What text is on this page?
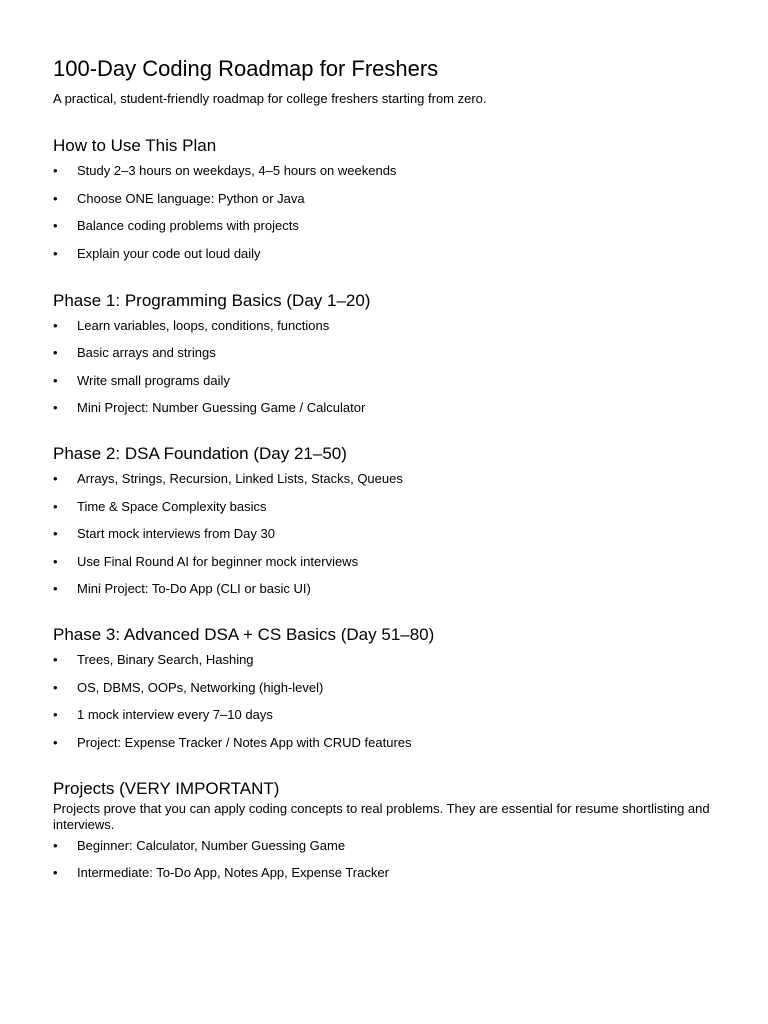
100-Day Coding Roadmap for Freshers

A practical, student-friendly roadmap for college freshers starting from zero.

How to Use This Plan
• Study 2–3 hours on weekdays, 4–5 hours on weekends
• Choose ONE language: Python or Java
• Balance coding problems with projects
• Explain your code out loud daily
Phase 1: Programming Basics (Day 1–20)
• Learn variables, loops, conditions, functions
• Basic arrays and strings
• Write small programs daily
• Mini Project: Number Guessing Game / Calculator
Phase 2: DSA Foundation (Day 21–50)
• Arrays, Strings, Recursion, Linked Lists, Stacks, Queues
• Time & Space Complexity basics
• Start mock interviews from Day 30
• Use Final Round AI for beginner mock interviews
• Mini Project: To-Do App (CLI or basic UI)
Phase 3: Advanced DSA + CS Basics (Day 51–80)
• Trees, Binary Search, Hashing
• OS, DBMS, OOPs, Networking (high-level)
• 1 mock interview every 7–10 days
• Project: Expense Tracker / Notes App with CRUD features
Projects (VERY IMPORTANT)

Projects prove that you can apply coding concepts to real problems. They are essential for resume shortlisting and interviews.

• Beginner: Calculator, Number Guessing Game
• Intermediate: To-Do App, Notes App, Expense Tracker
